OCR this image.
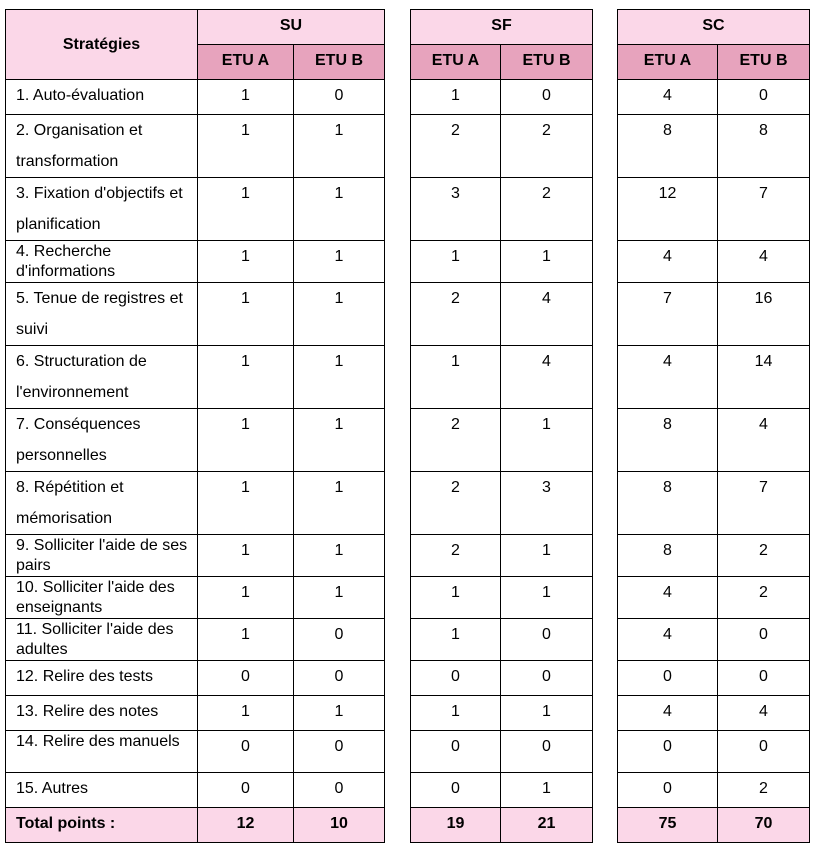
Stratégies	SU			SF			SC	
	ETU A	ETU B		ETU A	ETU B		ETU A	ETU B
1. Auto-évaluation	1	0		1	0		4	0
2. Organisation et transformation	1	1		2	2		8	8
3. Fixation d'objectifs et planification	1	1		3	2		12	7
4. Recherche d'informations	1	1		1	1		4	4
5. Tenue de registres et suivi	1	1		2	4		7	16
6. Structuration de l'environnement	1	1		1	4		4	14
7. Conséquences personnelles	1	1		2	1		8	4
8. Répétition et mémorisation	1	1		2	3		8	7
9. Solliciter l'aide de ses pairs	1	1		2	1		8	2
10. Solliciter l'aide des enseignants	1	1		1	1		4	2
11. Solliciter l'aide des adultes	1	0		1	0		4	0
12. Relire des tests	0	0		0	0		0	0
13. Relire des notes	1	1		1	1		4	4
14. Relire des manuels	0	0		0	0		0	0
15. Autres	0	0		0	1		0	2
Total points :	12	10		19	21		75	70
